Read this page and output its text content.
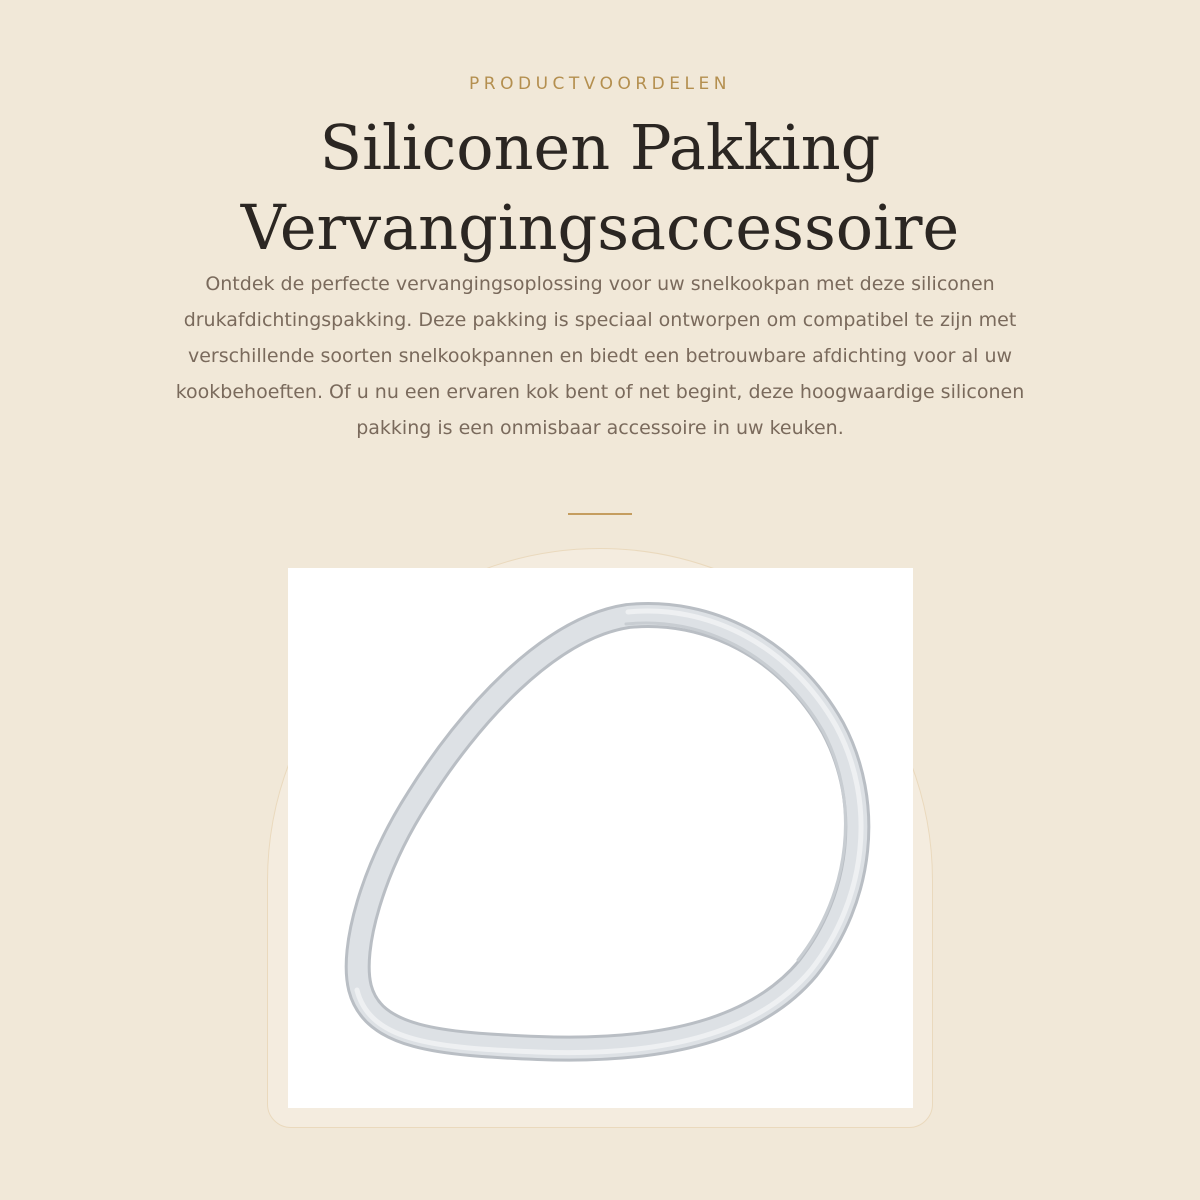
PRODUCTVOORDELEN
Siliconen Pakking
Vervangingsaccessoire

Ontdek de perfecte vervangingsoplossing voor uw snelkookpan met deze siliconen drukafdichtingspakking. Deze pakking is speciaal ontworpen om compatibel te zijn met verschillende soorten snelkookpannen en biedt een betrouwbare afdichting voor al uw kookbehoeften. Of u nu een ervaren kok bent of net begint, deze hoogwaardige siliconen pakking is een onmisbaar accessoire in uw keuken.
